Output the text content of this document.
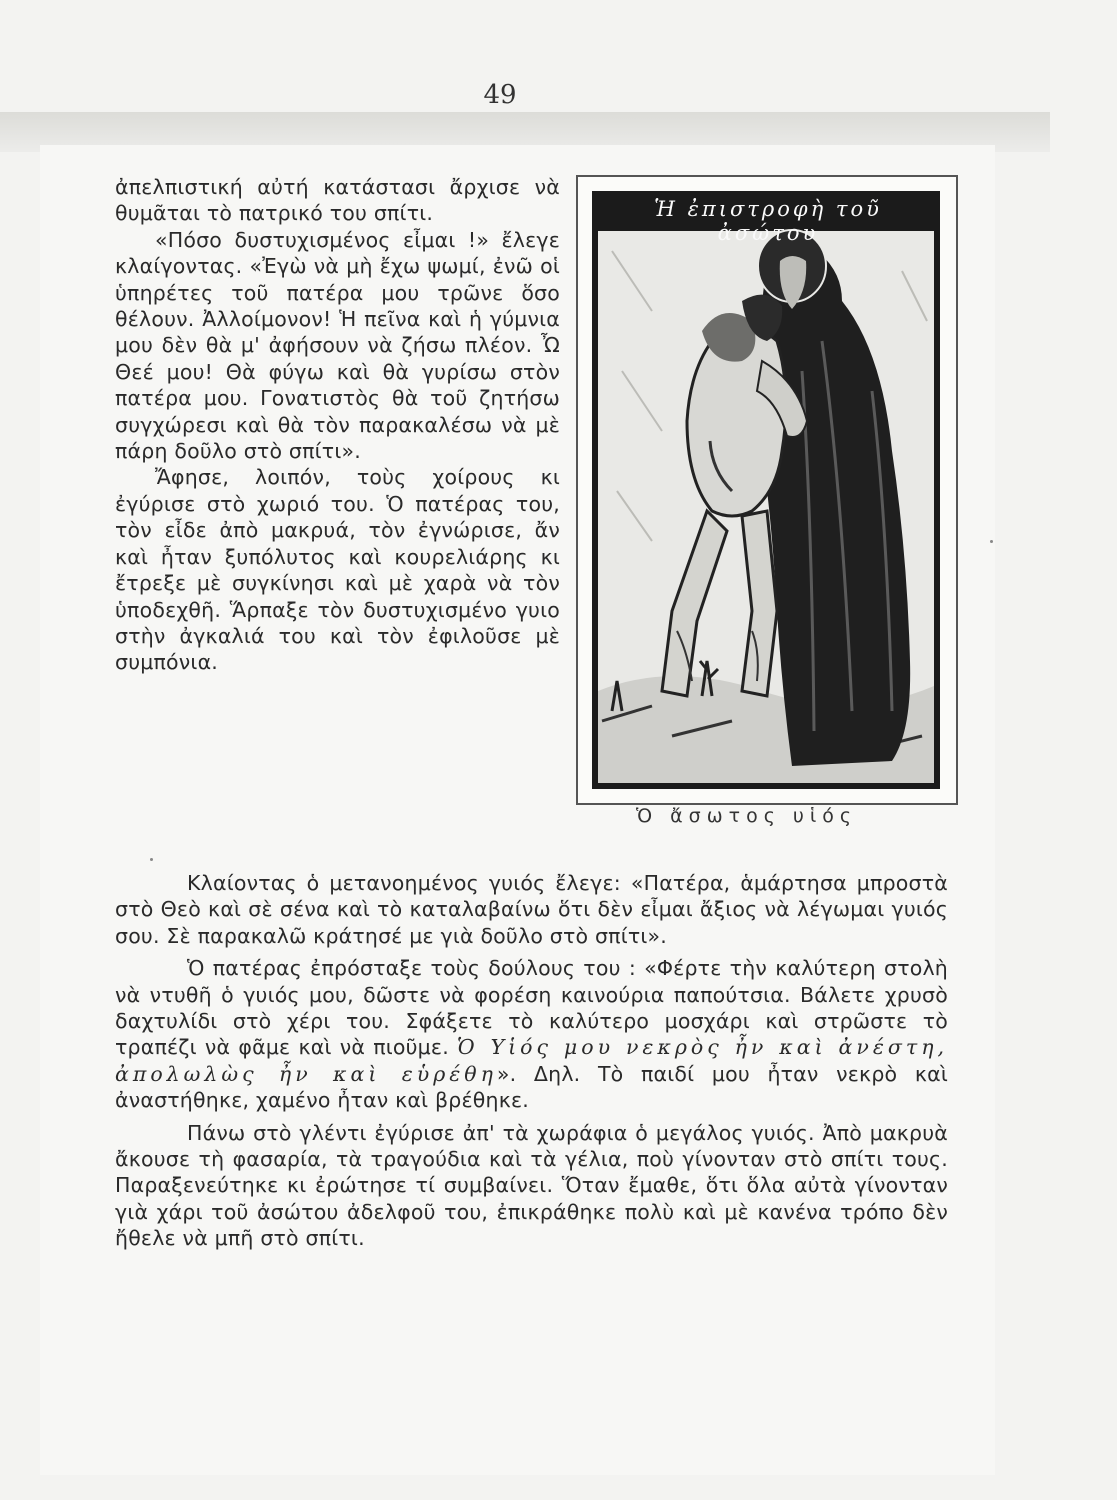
49

ἀπελπιστική αὐτή κατάστασι ἄρχισε νὰ θυμᾶται τὸ πατρικό του σπίτι.

«Πόσο δυστυχισμένος εἶμαι !» ἔλεγε κλαίγοντας. «Ἐγὼ νὰ μὴ ἔχω ψωμί, ἐνῶ οἱ ὑπηρέτες τοῦ πατέρα μου τρῶνε ὅσο θέλουν. Ἀλλοίμονον! Ἡ πεῖνα καὶ ἡ γύμνια μου δὲν θὰ μ' ἀφήσουν νὰ ζήσω πλέον. Ὦ Θεέ μου! Θὰ φύγω καὶ θὰ γυρίσω στὸν πατέρα μου. Γονατιστὸς θὰ τοῦ ζητήσω συγχώρεσι καὶ θὰ τὸν παρακαλέσω νὰ μὲ πάρη δοῦλο στὸ σπίτι».

Ἄφησε, λοιπόν, τοὺς χοίρους κι ἐγύρισε στὸ χωριό του. Ὁ πατέρας του, τὸν εἶδε ἀπὸ μακρυά, τὸν ἐγνώρισε, ἄν καὶ ἦταν ξυπόλυτος καὶ κουρελιάρης κι ἔτρεξε μὲ συγκίνησι καὶ μὲ χαρὰ νὰ τὸν ὑποδεχθῆ. Ἅρπαξε τὸν δυστυχισμένο γυιο στὴν ἀγκαλιά του καὶ τὸν ἐφιλοῦσε μὲ συμπόνια.

Ἡ ἐπιστροφὴ τοῦ ἀσώτου
Ὁ ἄσωτος υἱός

Κλαίοντας ὁ μετανοημένος γυιός ἔλεγε: «Πατέρα, ἁμάρτησα μπροστὰ στὸ Θεὸ καὶ σὲ σένα καὶ τὸ καταλαβαίνω ὅτι δὲν εἶμαι ἄξιος νὰ λέγωμαι γυιός σου. Σὲ παρακαλῶ κράτησέ με γιὰ δοῦλο στὸ σπίτι».

Ὁ πατέρας ἐπρόσταξε τοὺς δούλους του : «Φέρτε τὴν καλύτερη στολὴ νὰ ντυθῆ ὁ γυιός μου, δῶστε νὰ φορέση καινούρια παπούτσια. Βάλετε χρυσὸ δαχτυλίδι στὸ χέρι του. Σφάξετε τὸ καλύτερο μοσχάρι καὶ στρῶστε τὸ τραπέζι νὰ φᾶμε καὶ νὰ πιοῦμε. Ὁ Υἱός μου νεκρὸς ἦν καὶ ἀνέστη, ἀπολωλὼς ἦν καὶ εὑρέθη». Δηλ. Τὸ παιδί μου ἦταν νεκρὸ καὶ ἀναστήθηκε, χαμένο ἦταν καὶ βρέθηκε.

Πάνω στὸ γλέντι ἐγύρισε ἀπ' τὰ χωράφια ὁ μεγάλος γυιός. Ἀπὸ μακρυὰ ἄκουσε τὴ φασαρία, τὰ τραγούδια καὶ τὰ γέλια, ποὺ γίνονταν στὸ σπίτι τους. Παραξενεύτηκε κι ἐρώτησε τί συμβαίνει. Ὅταν ἔμαθε, ὅτι ὅλα αὐτὰ γίνονταν γιὰ χάρι τοῦ ἀσώτου ἀδελφοῦ του, ἐπικράθηκε πολὺ καὶ μὲ κανένα τρόπο δὲν ἤθελε νὰ μπῆ στὸ σπίτι.
